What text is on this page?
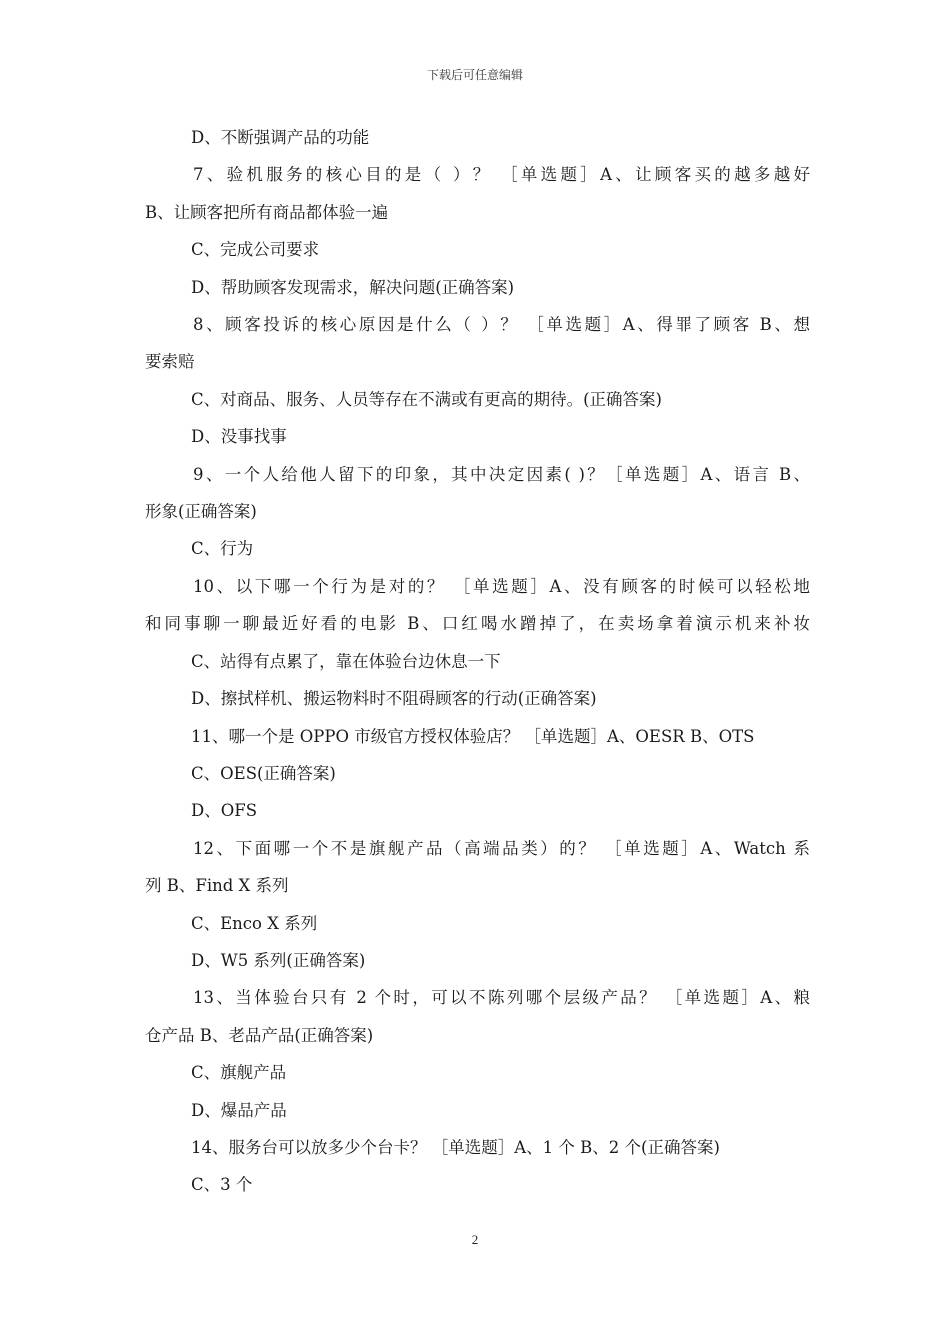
下载后可任意编辑
D、不断强调产品的功能
7、验机服务的核心目的是（ ）？ ［单选题］A、让顾客买的越多越好
B、让顾客把所有商品都体验一遍
C、完成公司要求
D、帮助顾客发现需求，解决问题(正确答案)
8、顾客投诉的核心原因是什么（ ）？ ［单选题］A、得罪了顾客 B、想
要索赔
C、对商品、服务、人员等存在不满或有更高的期待。(正确答案)
D、没事找事
9、一个人给他人留下的印象，其中决定因素( )？［单选题］A、语言 B、
形象(正确答案)
C、行为
10、以下哪一个行为是对的？ ［单选题］A、没有顾客的时候可以轻松地
和同事聊一聊最近好看的电影 B、口红喝水蹭掉了，在卖场拿着演示机来补妆
C、站得有点累了，靠在体验台边休息一下
D、擦拭样机、搬运物料时不阻碍顾客的行动(正确答案)
11、哪一个是 OPPO 市级官方授权体验店？ ［单选题］A、OESR B、OTS
C、OES(正确答案)
D、OFS
12、下面哪一个不是旗舰产品（高端品类）的？ ［单选题］A、Watch 系
列 B、Find X 系列
C、Enco X 系列
D、W5 系列(正确答案)
13、当体验台只有 2 个时，可以不陈列哪个层级产品？ ［单选题］A、粮
仓产品 B、老品产品(正确答案)
C、旗舰产品
D、爆品产品
14、服务台可以放多少个台卡？ ［单选题］A、1 个 B、2 个(正确答案)
C、3 个
2
